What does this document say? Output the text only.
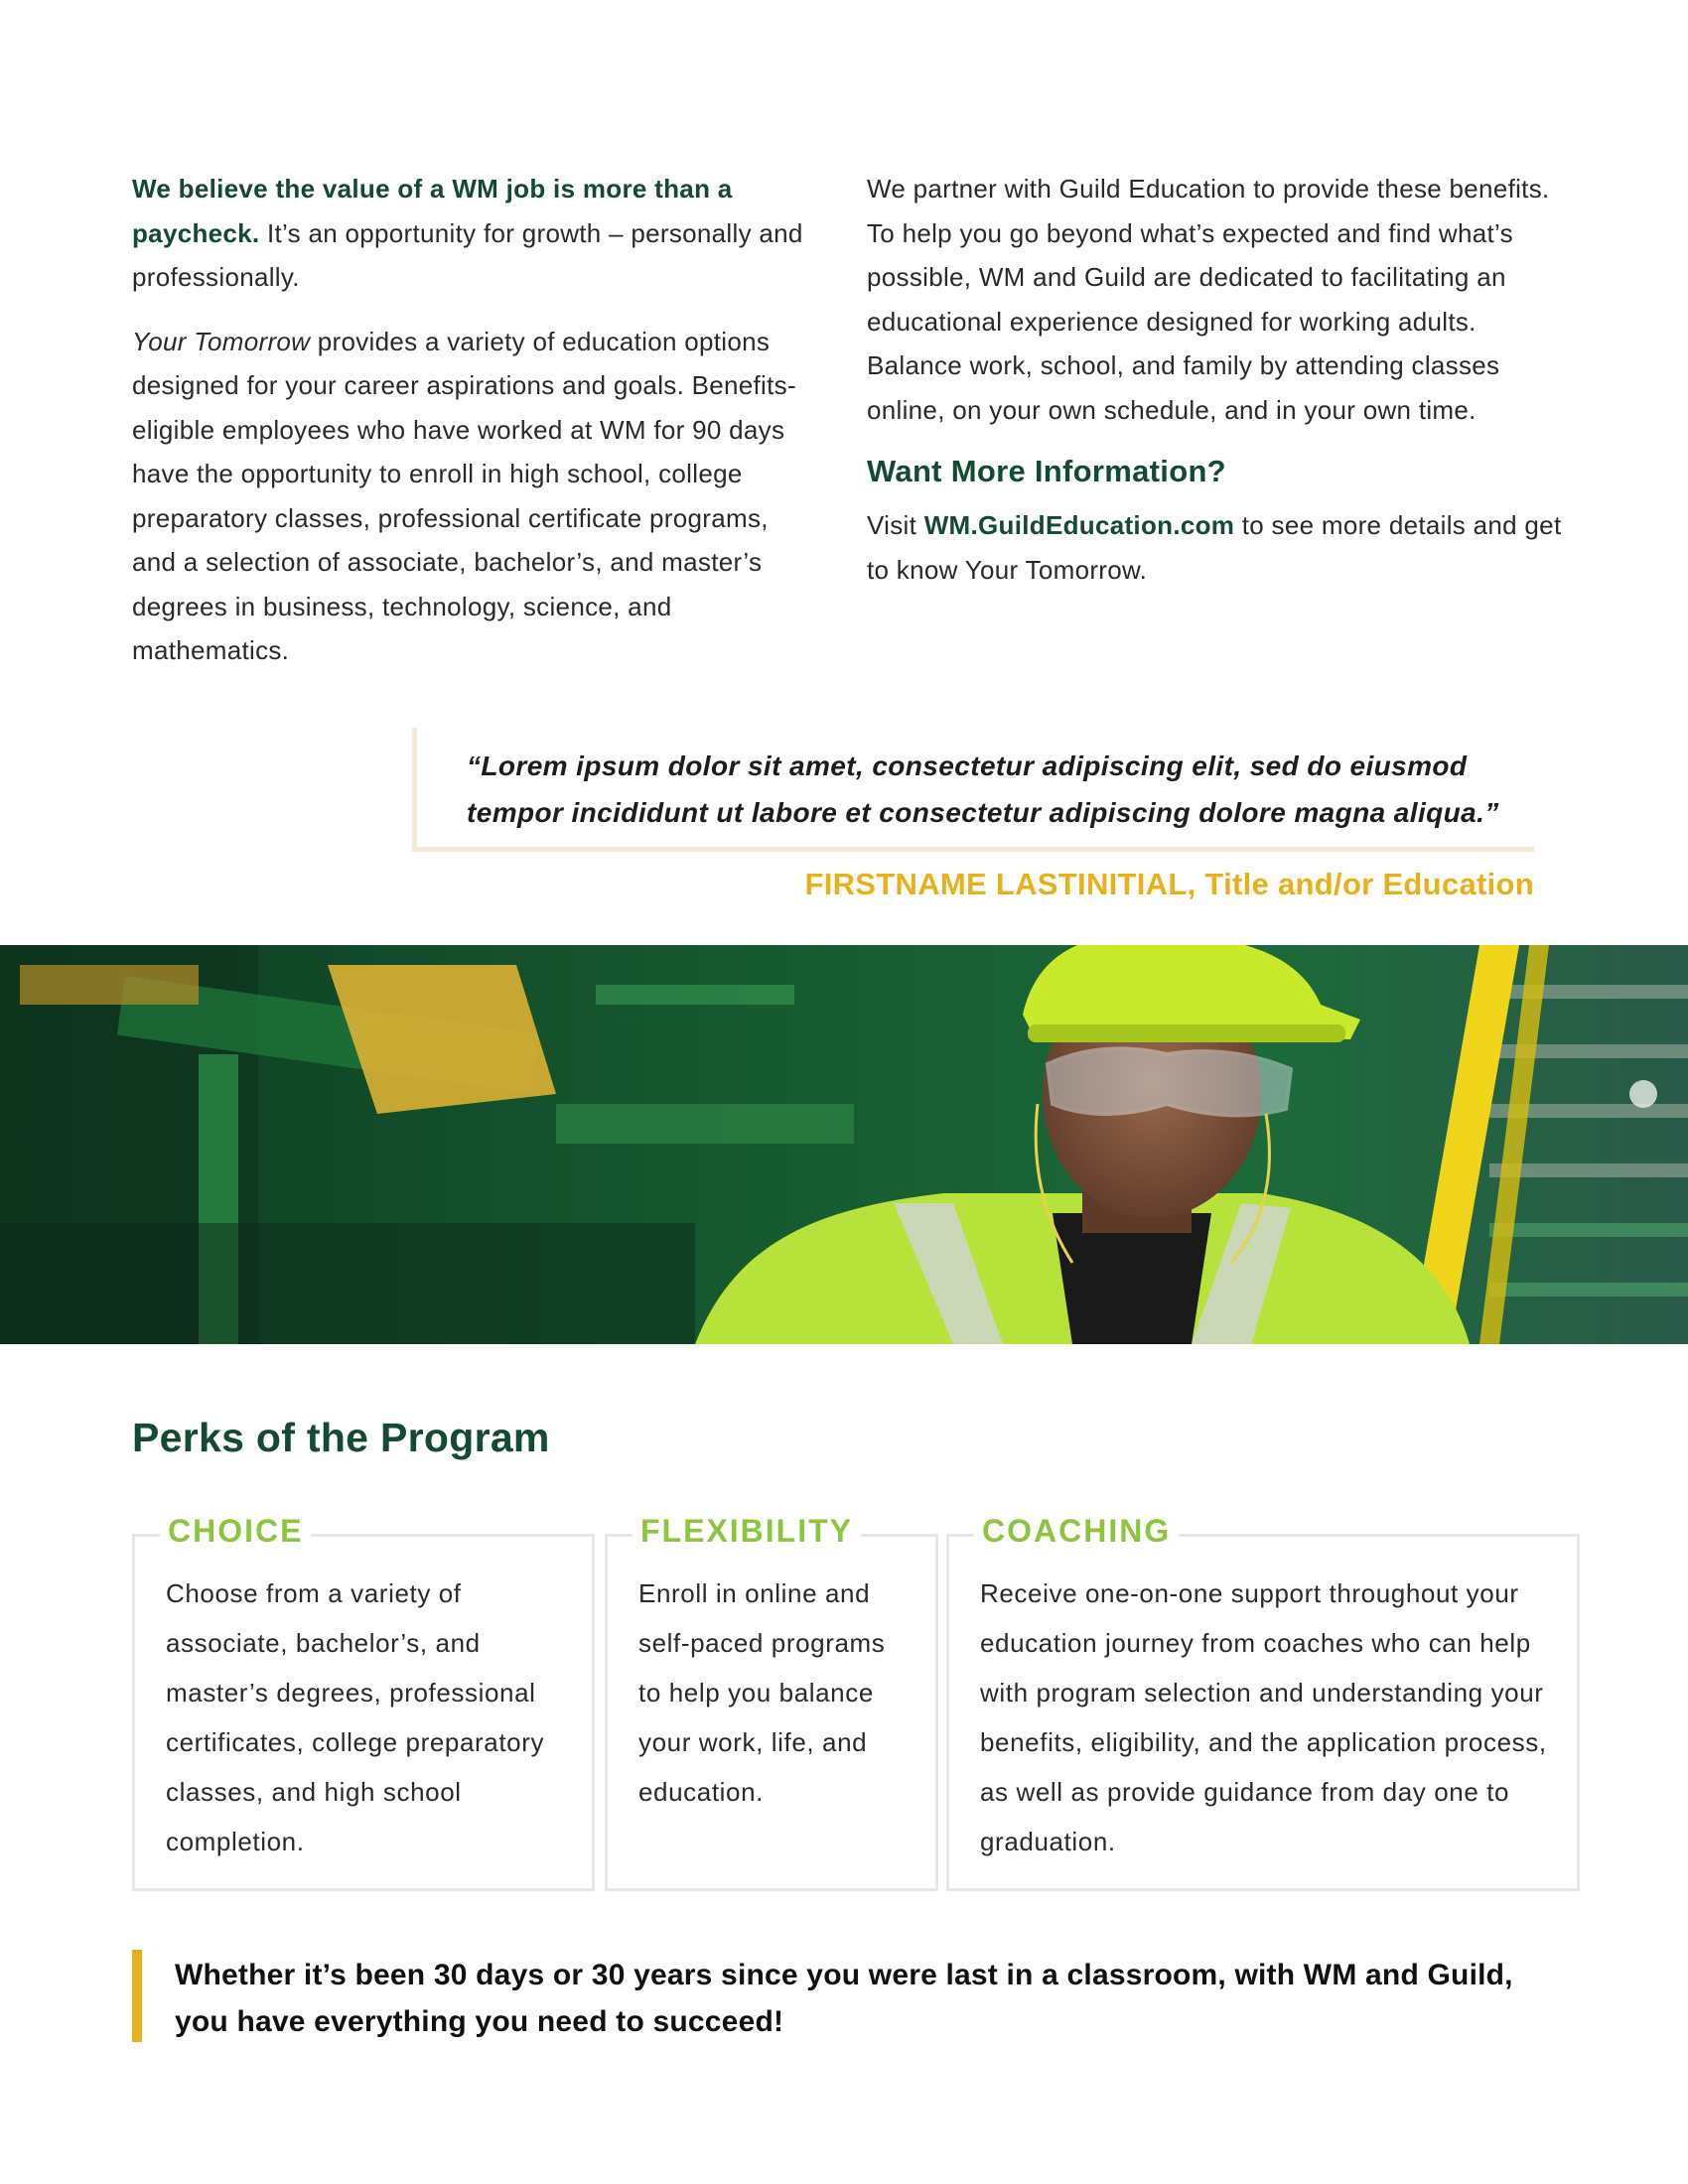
We believe the value of a WM job is more than a paycheck. It’s an opportunity for growth – personally and professionally.

Your Tomorrow provides a variety of education options designed for your career aspirations and goals. Benefits-eligible employees who have worked at WM for 90 days have the opportunity to enroll in high school, college preparatory classes, professional certificate programs, and a selection of associate, bachelor’s, and master’s degrees in business, technology, science, and mathematics.

We partner with Guild Education to provide these benefits. To help you go beyond what’s expected and find what’s possible, WM and Guild are dedicated to facilitating an educational experience designed for working adults. Balance work, school, and family by attending classes online, on your own schedule, and in your own time.

Want More Information?

Visit WM.GuildEducation.com to see more details and get to know Your Tomorrow.

“Lorem ipsum dolor sit amet, consectetur adipiscing elit, sed do eiusmod tempor incididunt ut labore et consectetur adipiscing dolore magna aliqua.”
FIRSTNAME LASTINITIAL, Title and/or Education
Perks of the Program
CHOICE
Choose from a variety of associate, bachelor’s, and master’s degrees, professional certificates, college preparatory classes, and high school completion.
FLEXIBILITY
Enroll in online and self-paced programs to help you balance your work, life, and education.
COACHING
Receive one-on-one support throughout your education journey from coaches who can help with program selection and understanding your benefits, eligibility, and the application process, as well as provide guidance from day one to graduation.
Whether it’s been 30 days or 30 years since you were last in a classroom, with WM and Guild, you have everything you need to succeed!
